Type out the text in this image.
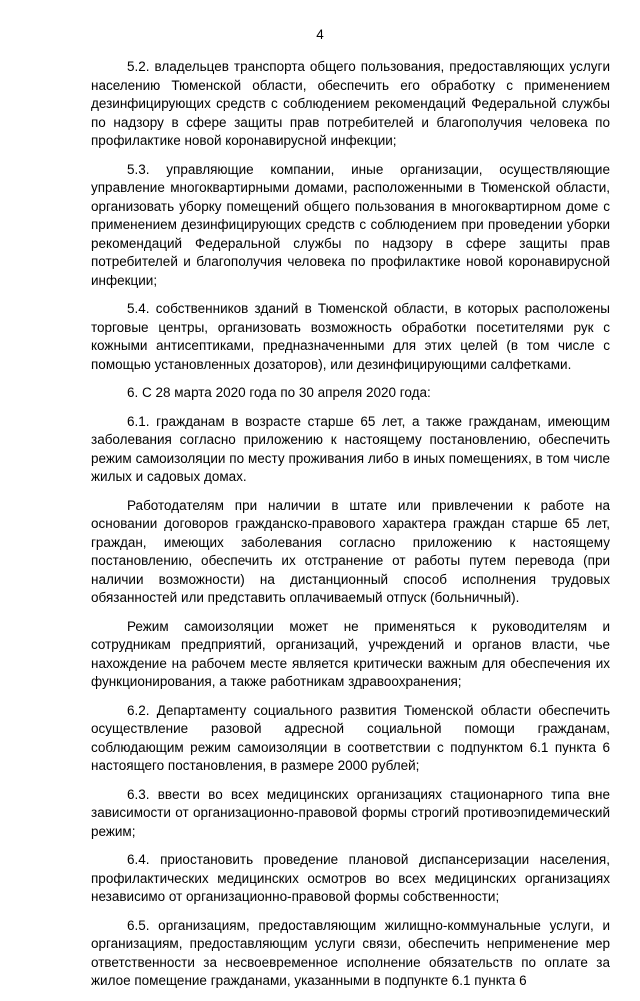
4

5.2. владельцев транспорта общего пользования, предоставляющих услуги населению Тюменской области, обеспечить его обработку с применением дезинфицирующих средств с соблюдением рекомендаций Федеральной службы по надзору в сфере защиты прав потребителей и благополучия человека по профилактике новой коронавирусной инфекции;

5.3. управляющие компании, иные организации, осуществляющие управление многоквартирными домами, расположенными в Тюменской области, организовать уборку помещений общего пользования в многоквартирном доме с применением дезинфицирующих средств с соблюдением при проведении уборки рекомендаций Федеральной службы по надзору в сфере защиты прав потребителей и благополучия человека по профилактике новой коронавирусной инфекции;

5.4. собственников зданий в Тюменской области, в которых расположены торговые центры, организовать возможность обработки посетителями рук с кожными антисептиками, предназначенными для этих целей (в том числе с помощью установленных дозаторов), или дезинфицирующими салфетками.

6. С 28 марта 2020 года по 30 апреля 2020 года:

6.1. гражданам в возрасте старше 65 лет, а также гражданам, имеющим заболевания согласно приложению к настоящему постановлению, обеспечить режим самоизоляции по месту проживания либо в иных помещениях, в том числе жилых и садовых домах.

Работодателям при наличии в штате или привлечении к работе на основании договоров гражданско-правового характера граждан старше 65 лет, граждан, имеющих заболевания согласно приложению к настоящему постановлению, обеспечить их отстранение от работы путем перевода (при наличии возможности) на дистанционный способ исполнения трудовых обязанностей или представить оплачиваемый отпуск (больничный).

Режим самоизоляции может не применяться к руководителям и сотрудникам предприятий, организаций, учреждений и органов власти, чье нахождение на рабочем месте является критически важным для обеспечения их функционирования, а также работникам здравоохранения;

6.2. Департаменту социального развития Тюменской области обеспечить осуществление разовой адресной социальной помощи гражданам, соблюдающим режим самоизоляции в соответствии с подпунктом 6.1 пункта 6 настоящего постановления, в размере 2000 рублей;

6.3. ввести во всех медицинских организациях стационарного типа вне зависимости от организационно-правовой формы строгий противоэпидемический режим;

6.4. приостановить проведение плановой диспансеризации населения, профилактических медицинских осмотров во всех медицинских организациях независимо от организационно-правовой формы собственности;

6.5. организациям, предоставляющим жилищно-коммунальные услуги, и организациям, предоставляющим услуги связи, обеспечить неприменение мер ответственности за несвоевременное исполнение обязательств по оплате за жилое помещение гражданами, указанными в подпункте 6.1 пункта 6
